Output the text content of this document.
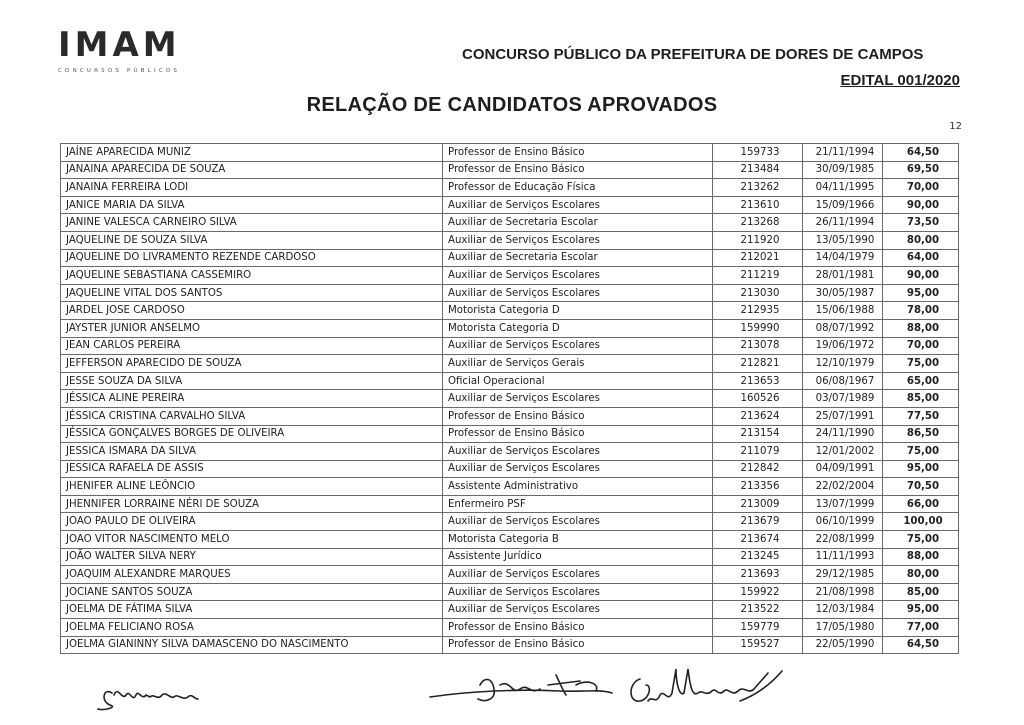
IMAM
CONCURSOS PÚBLICOS
CONCURSO PÚBLICO DA PREFEITURA DE DORES DE CAMPOS
EDITAL 001/2020
RELAÇÃO DE CANDIDATOS APROVADOS
12
JAÍNE APARECIDA MUNIZ	Professor de Ensino Básico	159733	21/11/1994	64,50
JANAINA APARECIDA DE SOUZA	Professor de Ensino Básico	213484	30/09/1985	69,50
JANAINA FERREIRA LODI	Professor de Educação Física	213262	04/11/1995	70,00
JANICE MARIA DA SILVA	Auxiliar de Serviços Escolares	213610	15/09/1966	90,00
JANINE VALESCA CARNEIRO SILVA	Auxiliar de Secretaria Escolar	213268	26/11/1994	73,50
JAQUELINE DE SOUZA SILVA	Auxiliar de Serviços Escolares	211920	13/05/1990	80,00
JAQUELINE DO LIVRAMENTO REZENDE CARDOSO	Auxiliar de Secretaria Escolar	212021	14/04/1979	64,00
JAQUELINE SEBASTIANA CASSEMIRO	Auxiliar de Serviços Escolares	211219	28/01/1981	90,00
JAQUELINE VITAL DOS SANTOS	Auxiliar de Serviços Escolares	213030	30/05/1987	95,00
JARDEL JOSE CARDOSO	Motorista Categoria D	212935	15/06/1988	78,00
JAYSTER JUNIOR ANSELMO	Motorista Categoria D	159990	08/07/1992	88,00
JEAN CARLOS PEREIRA	Auxiliar de Serviços Escolares	213078	19/06/1972	70,00
JEFFERSON APARECIDO DE SOUZA	Auxiliar de Serviços Gerais	212821	12/10/1979	75,00
JESSE SOUZA DA SILVA	Oficial Operacional	213653	06/08/1967	65,00
JÉSSICA ALINE PEREIRA	Auxiliar de Serviços Escolares	160526	03/07/1989	85,00
JÉSSICA CRISTINA CARVALHO SILVA	Professor de Ensino Básico	213624	25/07/1991	77,50
JÉSSICA GONÇALVES BORGES DE OLIVEIRA	Professor de Ensino Básico	213154	24/11/1990	86,50
JESSICA ISMARA DA SILVA	Auxiliar de Serviços Escolares	211079	12/01/2002	75,00
JESSICA RAFAELA DE ASSIS	Auxiliar de Serviços Escolares	212842	04/09/1991	95,00
JHENIFER ALINE LEÔNCIO	Assistente Administrativo	213356	22/02/2004	70,50
JHENNIFER LORRAINE NÉRI DE SOUZA	Enfermeiro PSF	213009	13/07/1999	66,00
JOAO PAULO DE OLIVEIRA	Auxiliar de Serviços Escolares	213679	06/10/1999	100,00
JOAO VITOR NASCIMENTO MELO	Motorista Categoria B	213674	22/08/1999	75,00
JOÃO WALTER SILVA NERY	Assistente Jurídico	213245	11/11/1993	88,00
JOAQUIM ALEXANDRE MARQUES	Auxiliar de Serviços Escolares	213693	29/12/1985	80,00
JOCIANE SANTOS SOUZA	Auxiliar de Serviços Escolares	159922	21/08/1998	85,00
JOELMA DE FÁTIMA SILVA	Auxiliar de Serviços Escolares	213522	12/03/1984	95,00
JOELMA FELICIANO ROSA	Professor de Ensino Básico	159779	17/05/1980	77,00
JOELMA GIANINNY SILVA DAMASCENO DO NASCIMENTO	Professor de Ensino Básico	159527	22/05/1990	64,50
